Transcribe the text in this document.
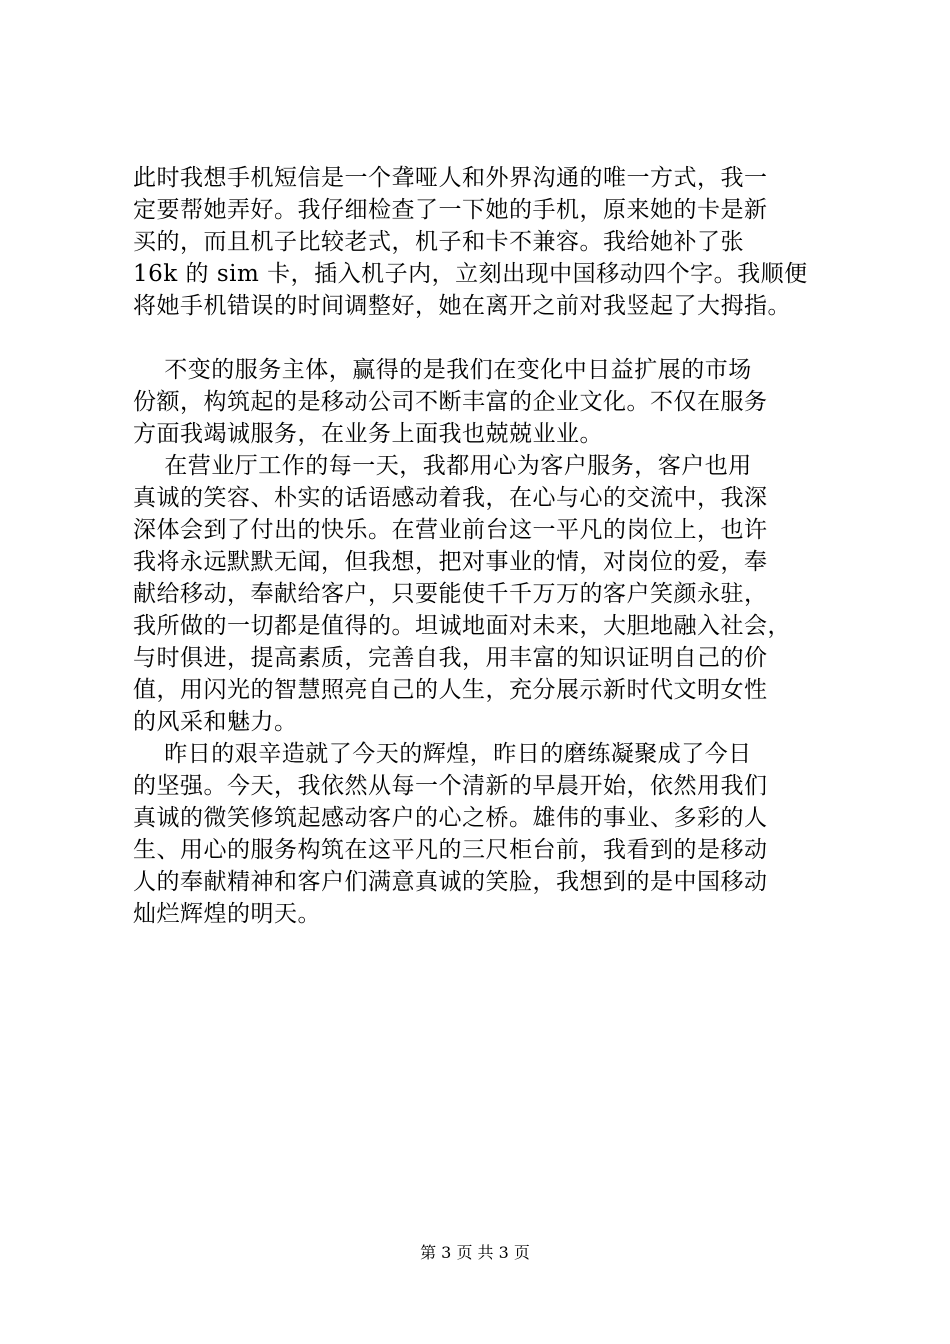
此时我想手机短信是一个聋哑人和外界沟通的唯一方式，我一
定要帮她弄好。我仔细检查了一下她的手机，原来她的卡是新
买的，而且机子比较老式，机子和卡不兼容。我给她补了张
16k 的 sim 卡，插入机子内，立刻出现中国移动四个字。我顺便
将她手机错误的时间调整好，她在离开之前对我竖起了大拇指。
不变的服务主体，赢得的是我们在变化中日益扩展的市场
份额，构筑起的是移动公司不断丰富的企业文化。不仅在服务
方面我竭诚服务，在业务上面我也兢兢业业。
在营业厅工作的每一天，我都用心为客户服务，客户也用
真诚的笑容、朴实的话语感动着我，在心与心的交流中，我深
深体会到了付出的快乐。在营业前台这一平凡的岗位上，也许
我将永远默默无闻，但我想，把对事业的情，对岗位的爱，奉
献给移动，奉献给客户，只要能使千千万万的客户笑颜永驻，
我所做的一切都是值得的。坦诚地面对未来，大胆地融入社会，
与时俱进，提高素质，完善自我，用丰富的知识证明自己的价
值，用闪光的智慧照亮自己的人生，充分展示新时代文明女性
的风采和魅力。
昨日的艰辛造就了今天的辉煌，昨日的磨练凝聚成了今日
的坚强。今天，我依然从每一个清新的早晨开始，依然用我们
真诚的微笑修筑起感动客户的心之桥。雄伟的事业、多彩的人
生、用心的服务构筑在这平凡的三尺柜台前，我看到的是移动
人的奉献精神和客户们满意真诚的笑脸，我想到的是中国移动
灿烂辉煌的明天。
第 3 页 共 3 页
